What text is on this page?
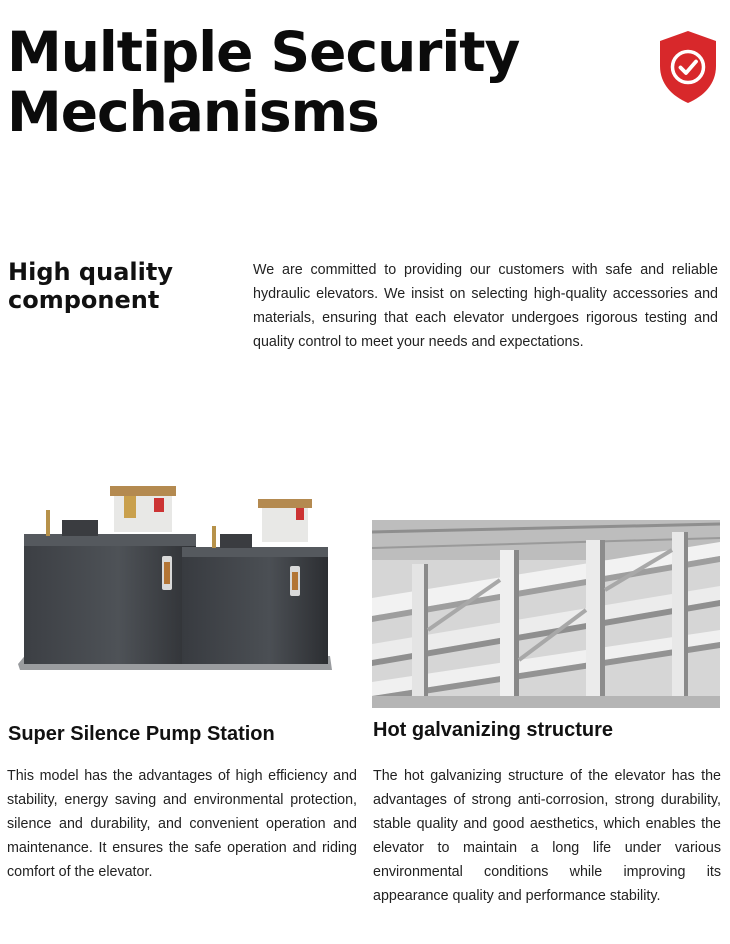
Multiple Security
Mechanisms
High quality
component

We are committed to providing our customers with safe and reliable hydraulic elevators. We insist on selecting high-quality accessories and materials, ensuring that each elevator undergoes rigorous testing and quality control to meet your needs and expectations.

Super Silence Pump Station	Hot galvanizing structure

This model has the advantages of high efficiency and stability, energy saving and environmental protection, silence and durability, and convenient operation and maintenance. It ensures the safe operation and riding comfort of the elevator.

The hot galvanizing structure of the elevator has the advantages of strong anti-corrosion, strong durability, stable quality and good aesthetics, which enables the elevator to maintain a long life under various environmental conditions while improving its appearance quality and performance stability.
